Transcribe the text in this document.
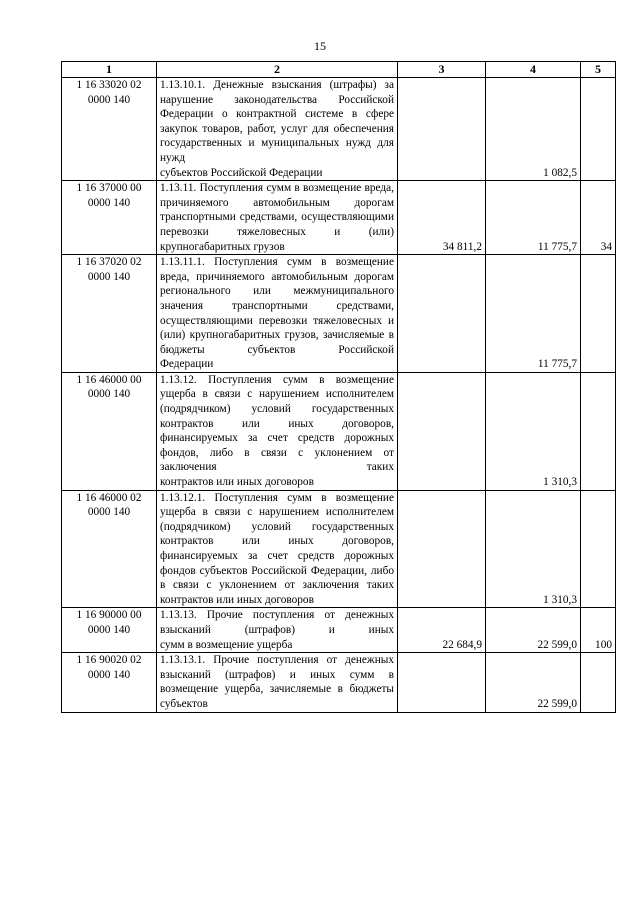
15
1	2	3	4	5
1 16 33020 02 0000 140	1.13.10.1. Денежные взыскания (штрафы) за нарушение законодательства Российской Федерации о контрактной системе в сфере закупок товаров, работ, услуг для обеспечения государственных и муниципальных нужд для нужд
субъектов Российской Федерации		1 082,5	
1 16 37000 00 0000 140	1.13.11. Поступления сумм в возмещение вреда, причиняемого автомобильным дорогам транспортными средствами, осуществляющими перевозки тяжеловесных и (или)
крупногабаритных грузов	34 811,2	11 775,7	34
1 16 37020 02 0000 140	1.13.11.1. Поступления сумм в возмещение вреда, причиняемого автомобильным дорогам регионального или межмуниципального значения транспортными средствами, осуществляющими перевозки тяжеловесных и (или) крупногабаритных грузов, зачисляемые в бюджеты субъектов Российской
Федерации		11 775,7	
1 16 46000 00 0000 140	1.13.12. Поступления сумм в возмещение ущерба в связи с нарушением исполнителем (подрядчиком) условий государственных контрактов или иных договоров, финансируемых за счет средств дорожных фондов, либо в связи с уклонением от заключения таких
контрактов или иных договоров		1 310,3	
1 16 46000 02 0000 140	1.13.12.1. Поступления сумм в возмещение ущерба в связи с нарушением исполнителем (подрядчиком) условий государственных контрактов или иных договоров, финансируемых за счет средств дорожных фондов субъектов Российской Федерации, либо в связи с уклонением от заключения таких
контрактов или иных договоров		1 310,3	
1 16 90000 00 0000 140	1.13.13. Прочие поступления от денежных взысканий (штрафов) и иных
сумм в возмещение ущерба	22 684,9	22 599,0	100
1 16 90020 02 0000 140	1.13.13.1. Прочие поступления от денежных взысканий (штрафов) и иных сумм в возмещение ущерба, зачисляемые в бюджеты субъектов		22 599,0	
